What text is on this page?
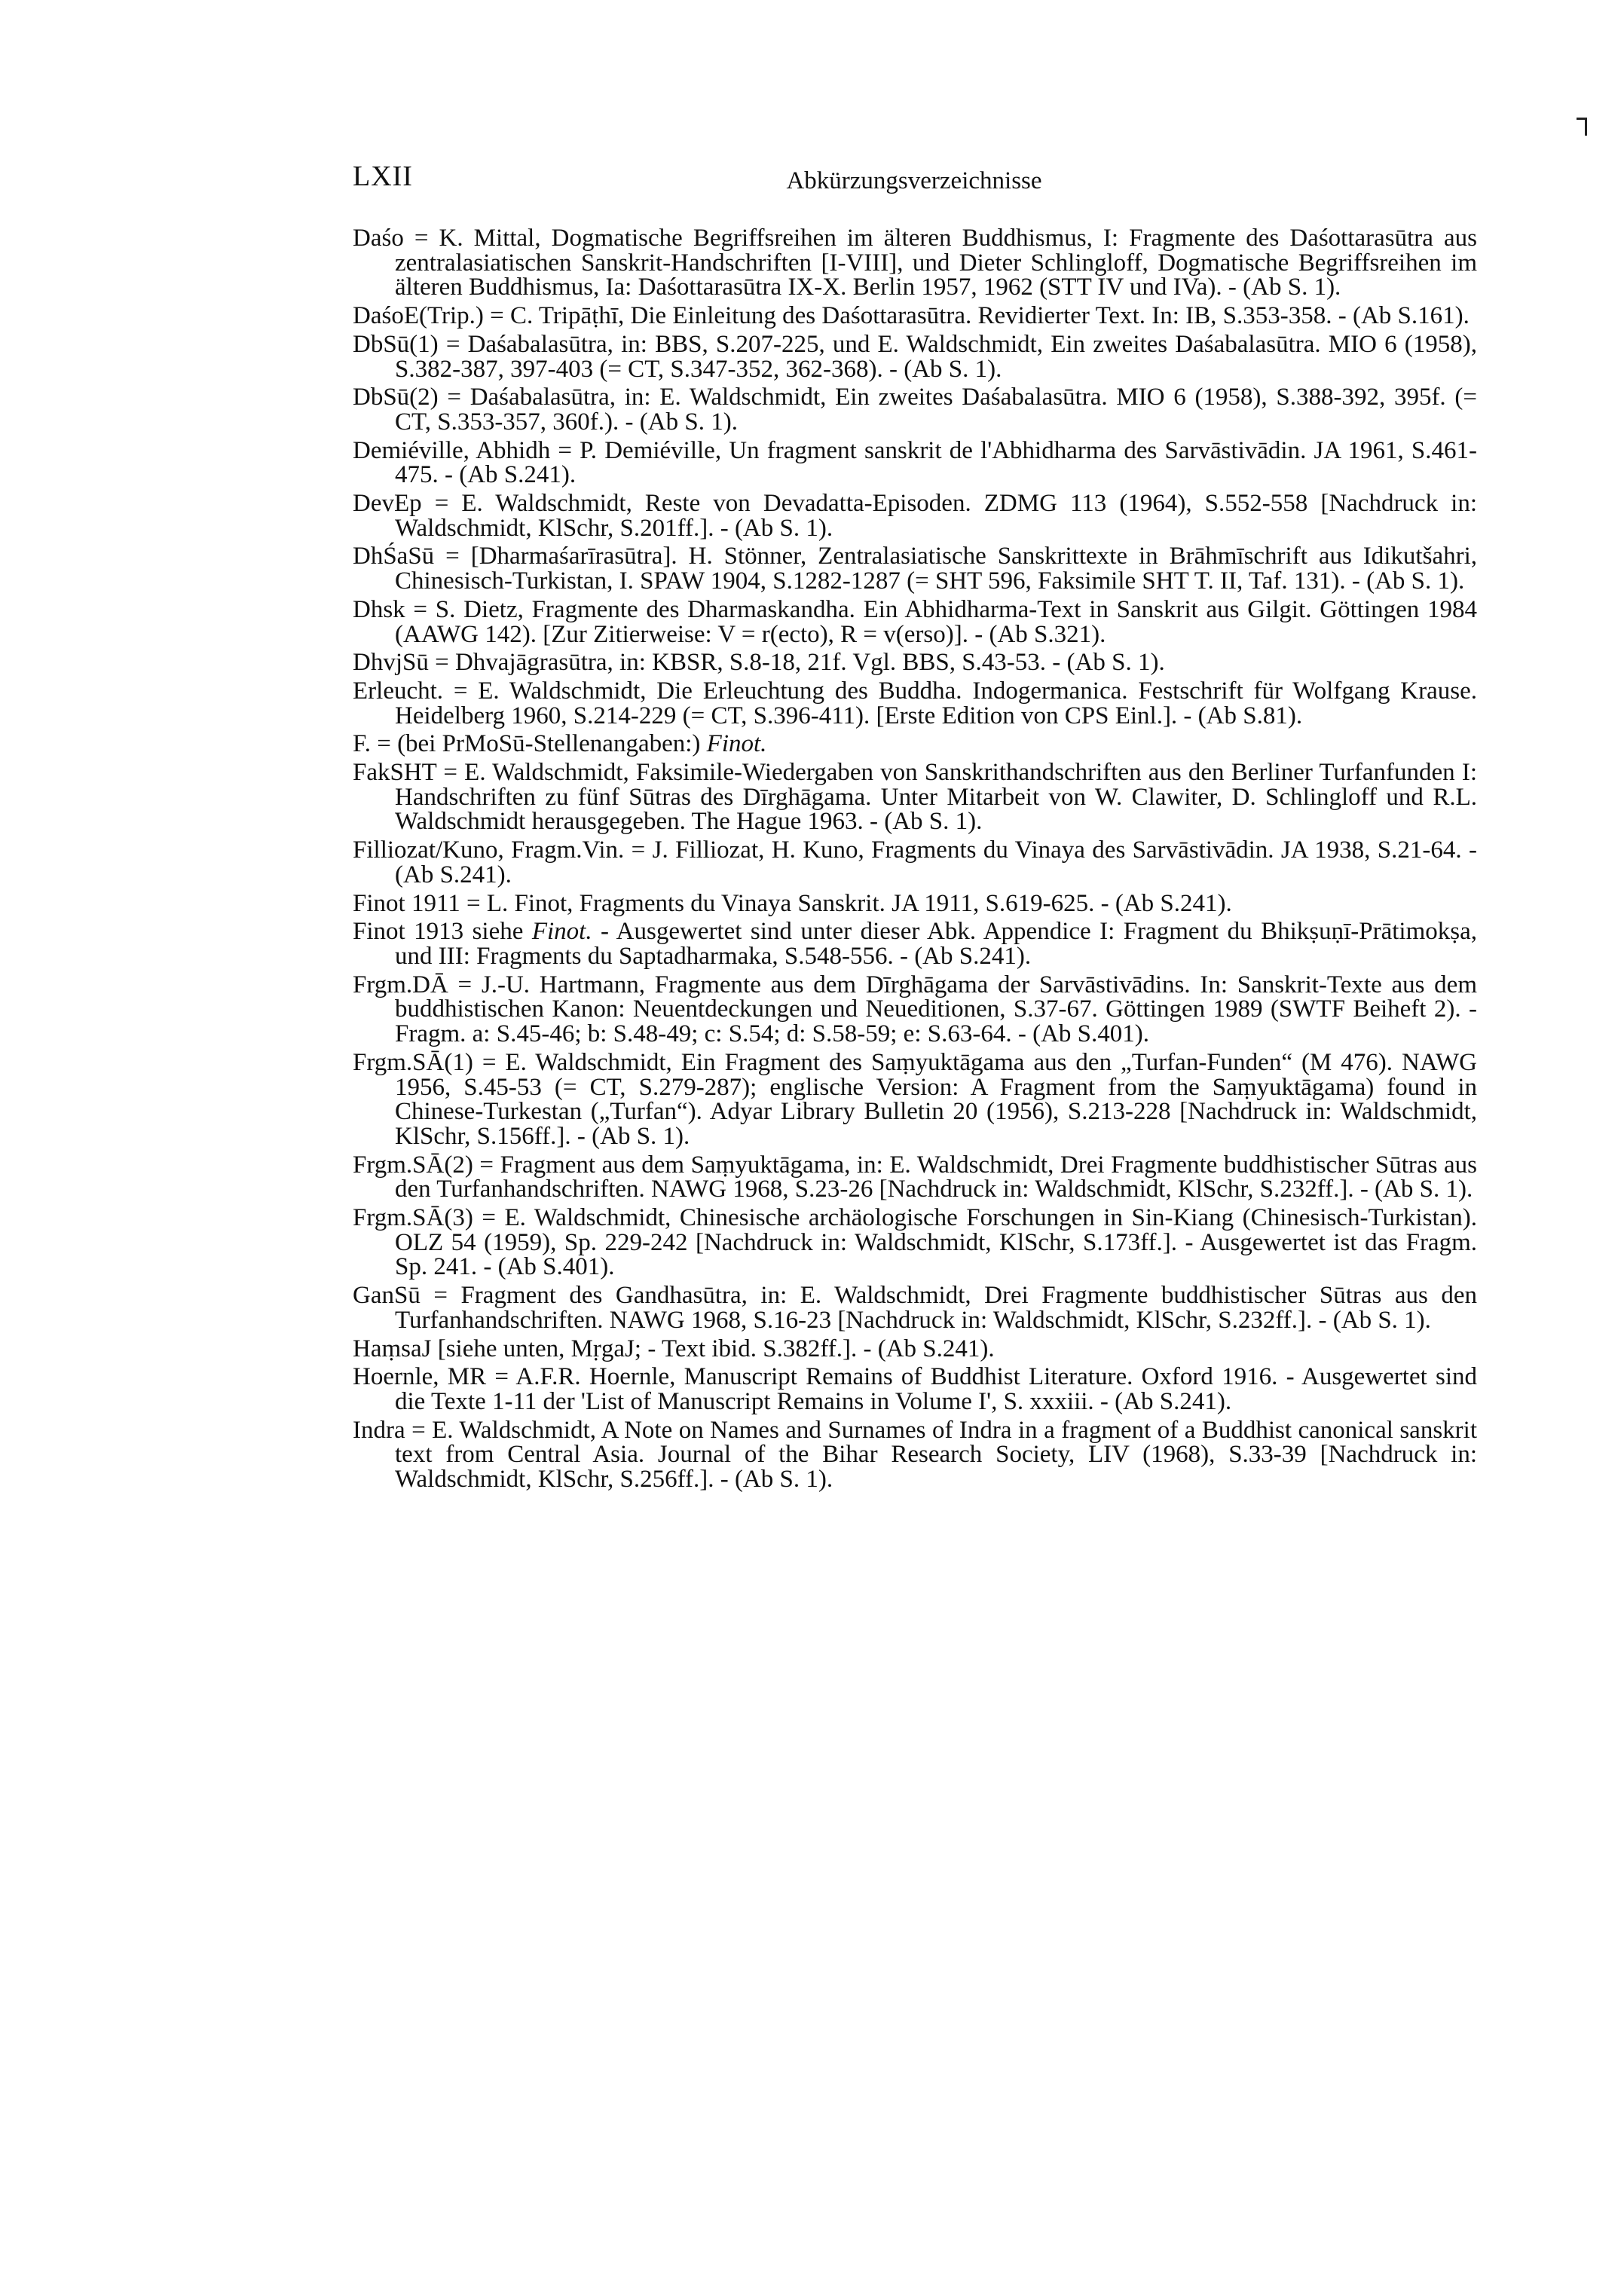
LXII	Abkürzungsverzeichnisse

Daśo = K. Mittal, Dogmatische Begriffsreihen im älteren Buddhismus, I: Fragmente des Daśottarasūtra aus zentralasiatischen Sanskrit-Handschriften [I-VIII], und Dieter Schlingloff, Dogmatische Begriffsreihen im älteren Buddhismus, Ia: Daśottarasūtra IX-X. Berlin 1957, 1962 (STT IV und IVa). - (Ab S. 1).

DaśoE(Trip.) = C. Tripāṭhī, Die Einleitung des Daśottarasūtra. Revidierter Text. In: IB, S.353-358. - (Ab S.161).

DbSū(1) = Daśabalasūtra, in: BBS, S.207-225, und E. Waldschmidt, Ein zweites Daśabalasūtra. MIO 6 (1958), S.382-387, 397-403 (= CT, S.347-352, 362-368). - (Ab S. 1).

DbSū(2) = Daśabalasūtra, in: E. Waldschmidt, Ein zweites Daśabalasūtra. MIO 6 (1958), S.388-392, 395f. (= CT, S.353-357, 360f.). - (Ab S. 1).

Demiéville, Abhidh = P. Demiéville, Un fragment sanskrit de l'Abhidharma des Sarvāstivādin. JA 1961, S.461-475. - (Ab S.241).

DevEp = E. Waldschmidt, Reste von Devadatta-Episoden. ZDMG 113 (1964), S.552-558 [Nachdruck in: Waldschmidt, KlSchr, S.201ff.]. - (Ab S. 1).

DhŚaSū = [Dharmaśarīrasūtra]. H. Stönner, Zentralasiatische Sanskrittexte in Brāhmīschrift aus Idikutšahri, Chinesisch-Turkistan, I. SPAW 1904, S.1282-1287 (= SHT 596, Faksimile SHT T. II, Taf. 131). - (Ab S. 1).

Dhsk = S. Dietz, Fragmente des Dharmaskandha. Ein Abhidharma-Text in Sanskrit aus Gilgit. Göttingen 1984 (AAWG 142). [Zur Zitierweise: V = r(ecto), R = v(erso)]. - (Ab S.321).

DhvjSū = Dhvajāgrasūtra, in: KBSR, S.8-18, 21f. Vgl. BBS, S.43-53. - (Ab S. 1).

Erleucht. = E. Waldschmidt, Die Erleuchtung des Buddha. Indogermanica. Festschrift für Wolfgang Krause. Heidelberg 1960, S.214-229 (= CT, S.396-411). [Erste Edition von CPS Einl.]. - (Ab S.81).

F. = (bei PrMoSū-Stellenangaben:) Finot.

FakSHT = E. Waldschmidt, Faksimile-Wiedergaben von Sanskrithandschriften aus den Berliner Turfanfunden I: Handschriften zu fünf Sūtras des Dīrghāgama. Unter Mitarbeit von W. Clawiter, D. Schlingloff und R.L. Waldschmidt herausgegeben. The Hague 1963. - (Ab S. 1).

Filliozat/Kuno, Fragm.Vin. = J. Filliozat, H. Kuno, Fragments du Vinaya des Sarvāstivādin. JA 1938, S.21-64. - (Ab S.241).

Finot 1911 = L. Finot, Fragments du Vinaya Sanskrit. JA 1911, S.619-625. - (Ab S.241).

Finot 1913 siehe Finot. - Ausgewertet sind unter dieser Abk. Appendice I: Fragment du Bhikṣuṇī-Prātimokṣa, und III: Fragments du Saptadharmaka, S.548-556. - (Ab S.241).

Frgm.DĀ = J.-U. Hartmann, Fragmente aus dem Dīrghāgama der Sarvāstivādins. In: Sanskrit-Texte aus dem buddhistischen Kanon: Neuentdeckungen und Neueditionen, S.37-67. Göttingen 1989 (SWTF Beiheft 2). - Fragm. a: S.45-46; b: S.48-49; c: S.54; d: S.58-59; e: S.63-64. - (Ab S.401).

Frgm.SĀ(1) = E. Waldschmidt, Ein Fragment des Saṃyuktāgama aus den „Turfan-Funden“ (M 476). NAWG 1956, S.45-53 (= CT, S.279-287); englische Version: A Fragment from the Saṃyuktāgama) found in Chinese-Turkestan („Turfan“). Adyar Library Bulletin 20 (1956), S.213-228 [Nachdruck in: Waldschmidt, KlSchr, S.156ff.]. - (Ab S. 1).

Frgm.SĀ(2) = Fragment aus dem Saṃyuktāgama, in: E. Waldschmidt, Drei Fragmente buddhistischer Sūtras aus den Turfanhandschriften. NAWG 1968, S.23-26 [Nachdruck in: Waldschmidt, KlSchr, S.232ff.]. - (Ab S. 1).

Frgm.SĀ(3) = E. Waldschmidt, Chinesische archäologische Forschungen in Sin-Kiang (Chinesisch-Turkistan). OLZ 54 (1959), Sp. 229-242 [Nachdruck in: Waldschmidt, KlSchr, S.173ff.]. - Ausgewertet ist das Fragm. Sp. 241. - (Ab S.401).

GanSū = Fragment des Gandhasūtra, in: E. Waldschmidt, Drei Fragmente buddhistischer Sūtras aus den Turfanhandschriften. NAWG 1968, S.16-23 [Nachdruck in: Waldschmidt, KlSchr, S.232ff.]. - (Ab S. 1).

HaṃsaJ [siehe unten, MṛgaJ; - Text ibid. S.382ff.]. - (Ab S.241).

Hoernle, MR = A.F.R. Hoernle, Manuscript Remains of Buddhist Literature. Oxford 1916. - Ausgewertet sind die Texte 1-11 der 'List of Manuscript Remains in Volume I', S. xxxiii. - (Ab S.241).

Indra = E. Waldschmidt, A Note on Names and Surnames of Indra in a fragment of a Buddhist canonical sanskrit text from Central Asia. Journal of the Bihar Research Society, LIV (1968), S.33-39 [Nachdruck in: Waldschmidt, KlSchr, S.256ff.]. - (Ab S. 1).
